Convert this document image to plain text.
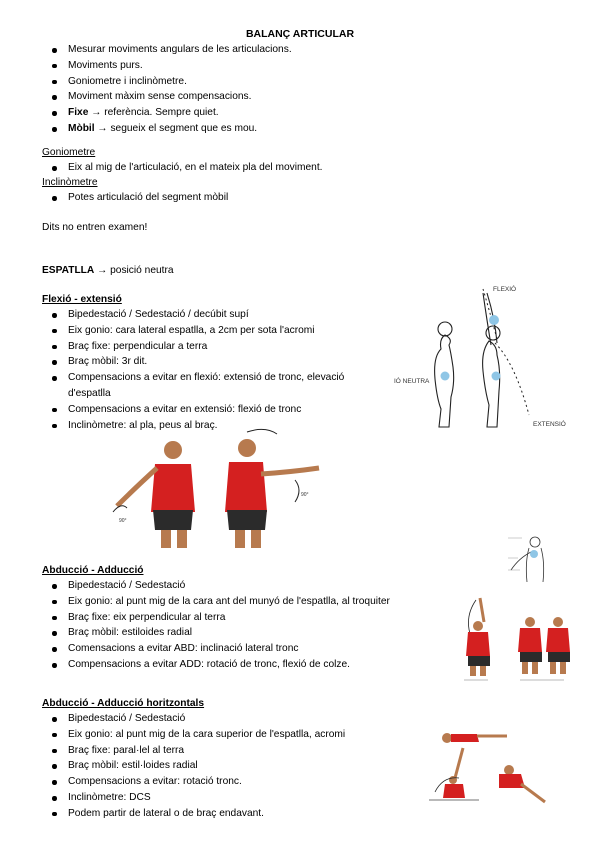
BALANÇ ARTICULAR
Mesurar moviments angulars de les articulacions.
Moviments purs.
Goniometre i inclinòmetre.
Moviment màxim sense compensacions.
Fixe → referència. Sempre quiet.
Mòbil → segueix el segment que es mou.
Goniometre
Eix al mig de l'articulació, en el mateix pla del moviment.
Inclinòmetre
Potes articulació del segment mòbil
Dits no entren examen!
ESPATLLA → posició neutra
Flexió - extensió
Bipedestació / Sedestació / decúbit supí
Eix gonio: cara lateral espatlla, a 2cm per sota l'acromi
Braç fixe: perpendicular a terra
Braç mòbil: 3r dit.
Compensacions a evitar en flexió: extensió de tronc, elevació d'espatlla
Compensacions a evitar en extensió: flexió de tronc
Inclinòmetre: al pla, peus al braç.
FLEXIÓ
IÓ NEUTRA
EXTENSIÓ
90°
90°
Abducció - Adducció
Bipedestació / Sedestació
Eix gonio: al punt mig de la cara ant del munyó de l'espatlla, al troquiter
Braç fixe: eix perpendicular al terra
Braç mòbil: estiloides radial
Comensacions a evitar ABD: inclinació lateral tronc
Compensacions a evitar ADD: rotació de tronc, flexió de colze.
Abducció - Adducció horitzontals
Bipedestació / Sedestació
Eix gonio: al punt mig de la cara superior de l'espatlla, acromi
Braç fixe: paral·lel al terra
Braç mòbil: estil·loides radial
Compensacions a evitar: rotació tronc.
Inclinòmetre: DCS
Podem partir de lateral o de braç endavant.
